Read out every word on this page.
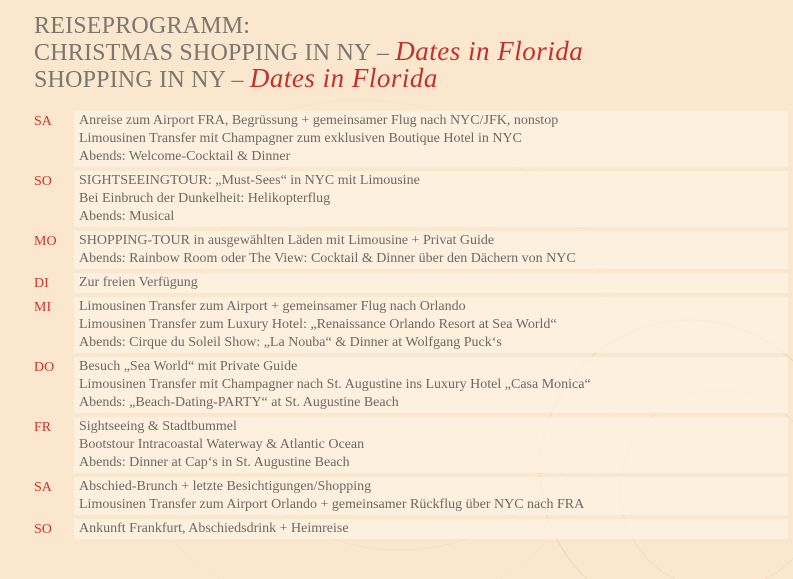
REISEPROGRAMM:
CHRISTMAS SHOPPING IN NY – Dates in Florida
SHOPPING IN NY – Dates in Florida
SA	Anreise zum Airport FRA, Begrüssung + gemeinsamer Flug nach NYC/JFK, nonstop
Limousinen Transfer mit Champagner zum exklusiven Boutique Hotel in NYC
Abends: Welcome-Cocktail & Dinner
SO	SIGHTSEEINGTOUR: „Must-Sees“ in NYC mit Limousine
Bei Einbruch der Dunkelheit: Helikopterflug
Abends: Musical
MO	SHOPPING-TOUR in ausgewählten Läden mit Limousine + Privat Guide
Abends: Rainbow Room oder The View: Cocktail & Dinner über den Dächern von NYC
DI	Zur freien Verfügung
MI	Limousinen Transfer zum Airport + gemeinsamer Flug nach Orlando
Limousinen Transfer zum Luxury Hotel: „Renaissance Orlando Resort at Sea World“
Abends: Cirque du Soleil Show: „La Nouba“ & Dinner at Wolfgang Puck‘s
DO	Besuch „Sea World“ mit Private Guide
Limousinen Transfer mit Champagner nach St. Augustine ins Luxury Hotel „Casa Monica“
Abends: „Beach-Dating-PARTY“ at St. Augustine Beach
FR	Sightseeing & Stadtbummel
Bootstour Intracoastal Waterway & Atlantic Ocean
Abends: Dinner at Cap‘s in St. Augustine Beach
SA	Abschied-Brunch + letzte Besichtigungen/Shopping
Limousinen Transfer zum Airport Orlando + gemeinsamer Rückflug über NYC nach FRA
SO	Ankunft Frankfurt, Abschiedsdrink + Heimreise
